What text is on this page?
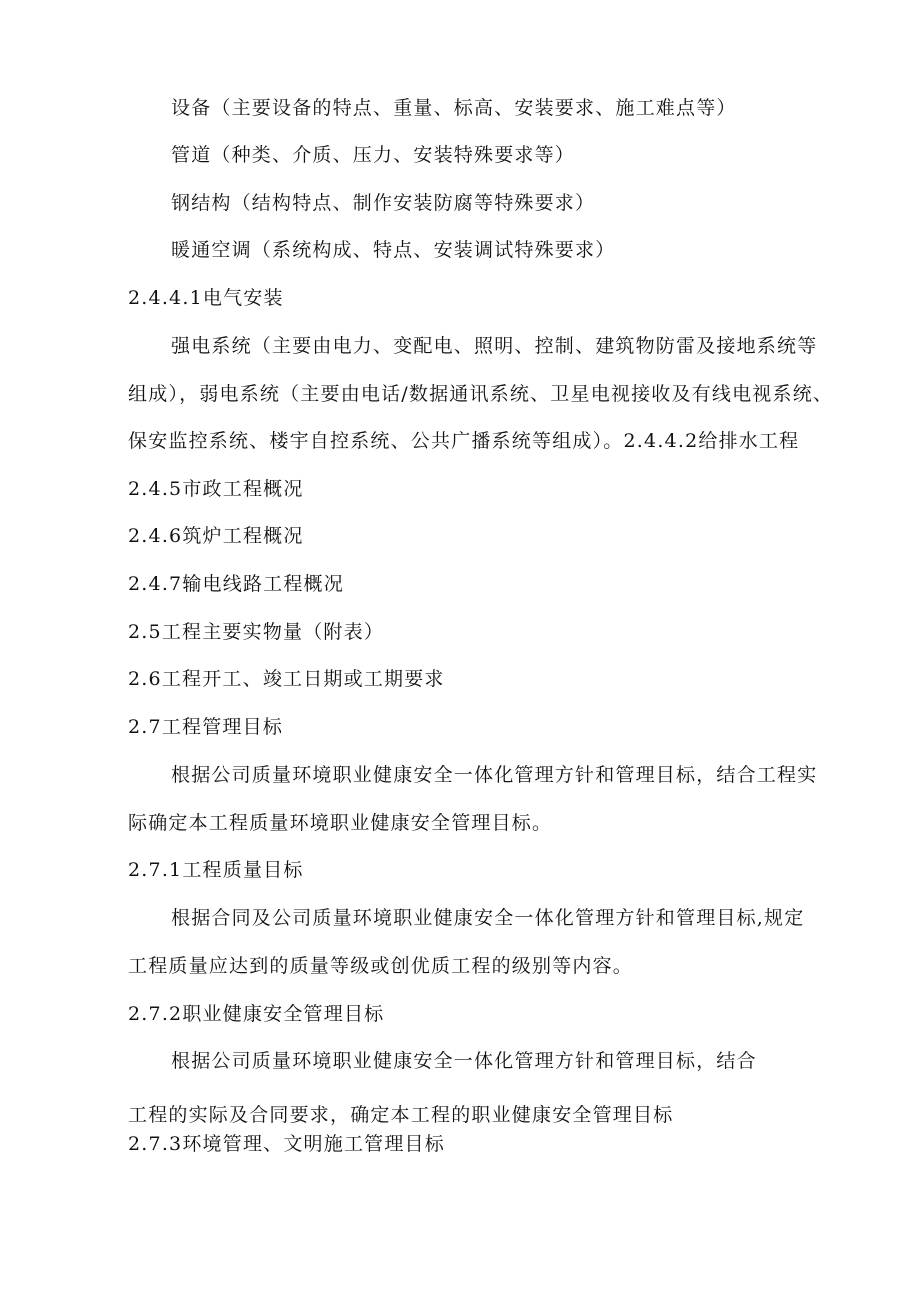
设备（主要设备的特点、重量、标高、安装要求、施工难点等）
管道（种类、介质、压力、安装特殊要求等）
钢结构（结构特点、制作安装防腐等特殊要求）
暖通空调（系统构成、特点、安装调试特殊要求）
2.4.4.1电气安装
强电系统（主要由电力、变配电、照明、控制、建筑物防雷及接地系统等
组成），弱电系统（主要由电话/数据通讯系统、卫星电视接收及有线电视系统、
保安监控系统、楼宇自控系统、公共广播系统等组成）。2.4.4.2给排水工程
2.4.5市政工程概况
2.4.6筑炉工程概况
2.4.7输电线路工程概况
2.5工程主要实物量（附表）
2.6工程开工、竣工日期或工期要求
2.7工程管理目标
根据公司质量环境职业健康安全一体化管理方针和管理目标，结合工程实
际确定本工程质量环境职业健康安全管理目标。
2.7.1工程质量目标
根据合同及公司质量环境职业健康安全一体化管理方针和管理目标,规定
工程质量应达到的质量等级或创优质工程的级别等内容。
2.7.2职业健康安全管理目标
根据公司质量环境职业健康安全一体化管理方针和管理目标，结合
工程的实际及合同要求，确定本工程的职业健康安全管理目标
2.7.3环境管理、文明施工管理目标
